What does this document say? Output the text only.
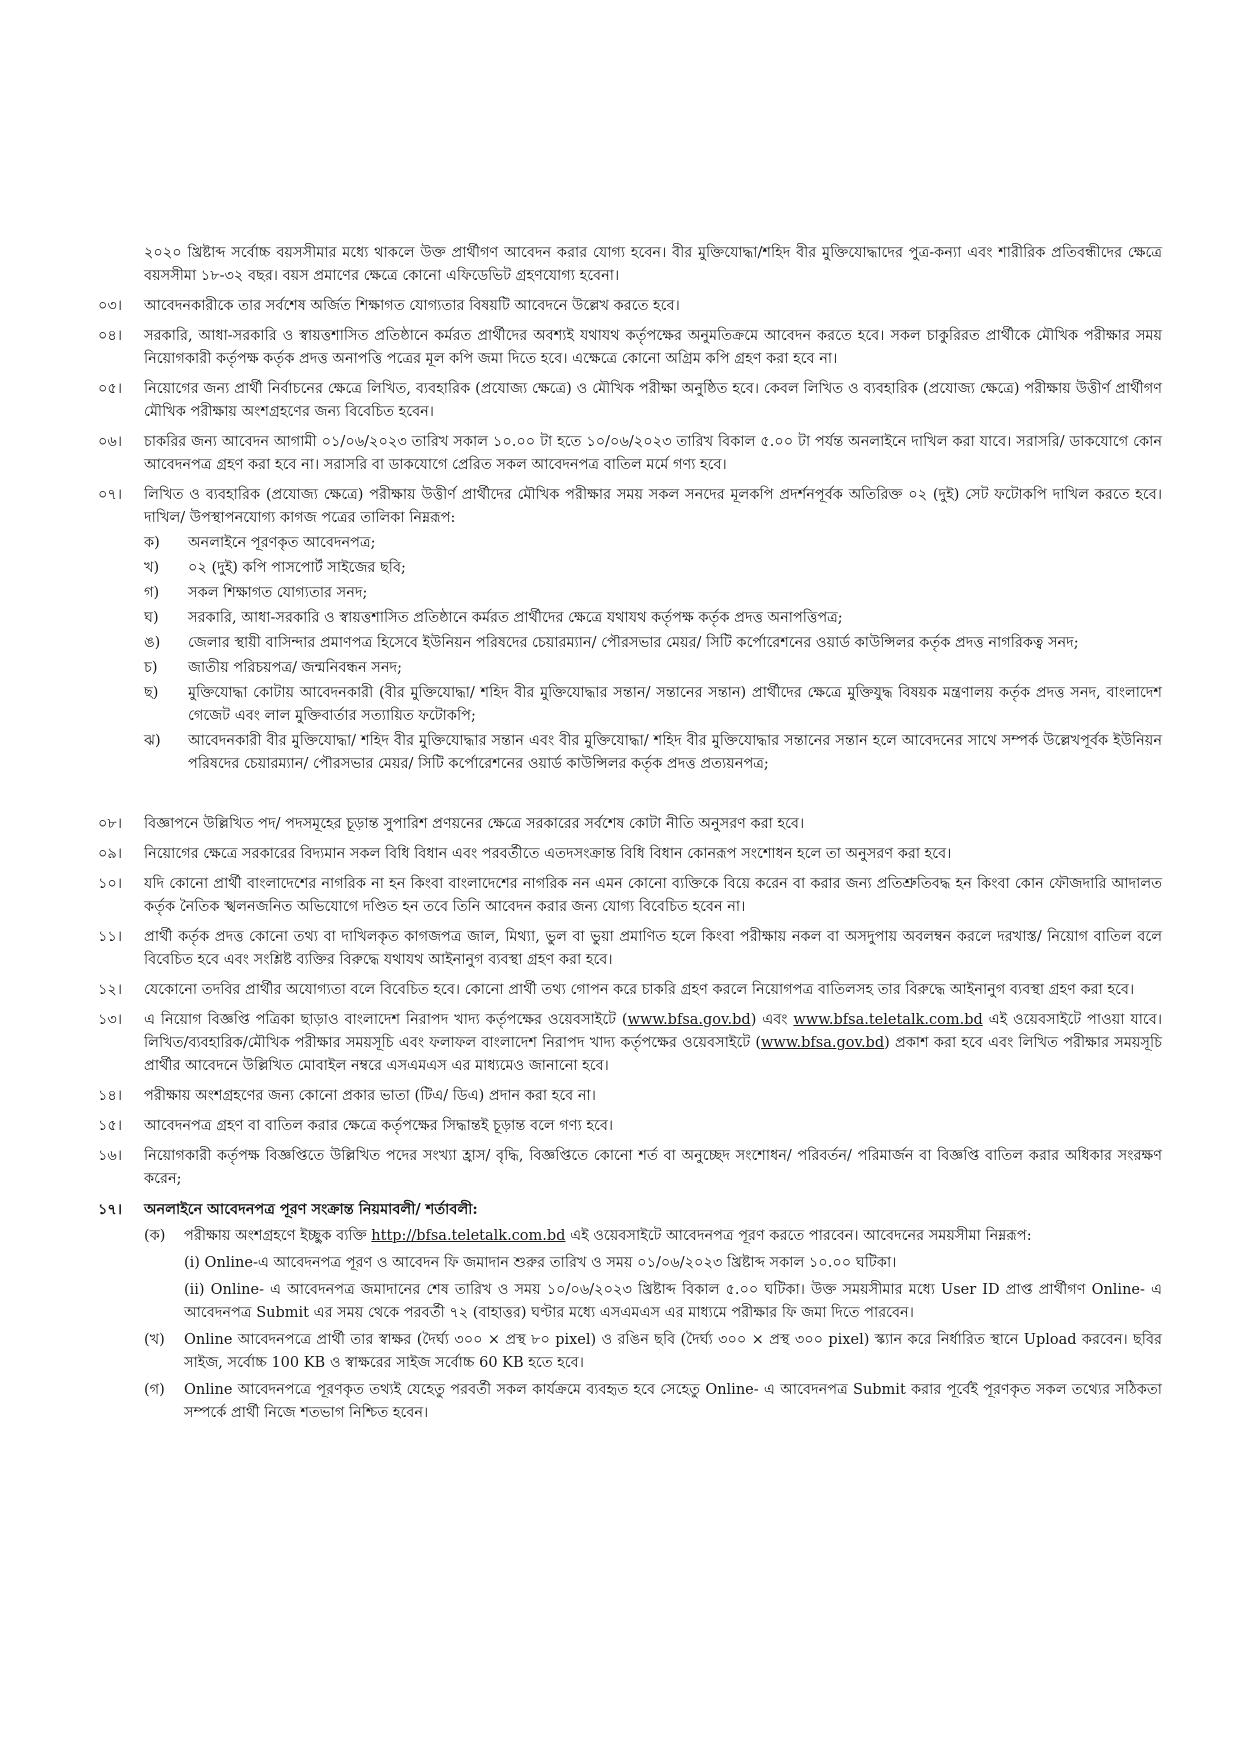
২০২০ খ্রিষ্টাব্দ সর্বোচ্চ বয়সসীমার মধ্যে থাকলে উক্ত প্রার্থীগণ আবেদন করার যোগ্য হবেন। বীর মুক্তিযোদ্ধা/শহিদ বীর মুক্তিযোদ্ধাদের পুত্র-কন্যা এবং শারীরিক প্রতিবন্ধীদের ক্ষেত্রে বয়সসীমা ১৮-৩২ বছর। বয়স প্রমাণের ক্ষেত্রে কোনো এফিডেভিট গ্রহণযোগ্য হবেনা।
০৩।	আবেদনকারীকে তার সর্বশেষ অর্জিত শিক্ষাগত যোগ্যতার বিষয়টি আবেদনে উল্লেখ করতে হবে।
০৪।	সরকারি, আধা-সরকারি ও স্বায়ত্তশাসিত প্রতিষ্ঠানে কর্মরত প্রার্থীদের অবশ্যই যথাযথ কর্তৃপক্ষের অনুমতিক্রমে আবেদন করতে হবে। সকল চাকুরিরত প্রার্থীকে মৌখিক পরীক্ষার সময় নিয়োগকারী কর্তৃপক্ষ কর্তৃক প্রদত্ত অনাপত্তি পত্রের মূল কপি জমা দিতে হবে। এক্ষেত্রে কোনো অগ্রিম কপি গ্রহণ করা হবে না।
০৫।	নিয়োগের জন্য প্রার্থী নির্বাচনের ক্ষেত্রে লিখিত, ব্যবহারিক (প্রযোজ্য ক্ষেত্রে) ও মৌখিক পরীক্ষা অনুষ্ঠিত হবে। কেবল লিখিত ও ব্যবহারিক (প্রযোজ্য ক্ষেত্রে) পরীক্ষায় উত্তীর্ণ প্রার্থীগণ মৌখিক পরীক্ষায় অংশগ্রহণের জন্য বিবেচিত হবেন।
০৬।	চাকরির জন্য আবেদন আগামী ০১/০৬/২০২৩ তারিখ সকাল ১০.০০ টা হতে ১০/০৬/২০২৩ তারিখ বিকাল ৫.০০ টা পর্যন্ত অনলাইনে দাখিল করা যাবে। সরাসরি/ ডাকযোগে কোন আবেদনপত্র গ্রহণ করা হবে না। সরাসরি বা ডাকযোগে প্রেরিত সকল আবেদনপত্র বাতিল মর্মে গণ্য হবে।
০৭।	লিখিত ও ব্যবহারিক (প্রযোজ্য ক্ষেত্রে) পরীক্ষায় উত্তীর্ণ প্রার্থীদের মৌখিক পরীক্ষার সময় সকল সনদের মূলকপি প্রদর্শনপূর্বক অতিরিক্ত ০২ (দুই) সেট ফটোকপি দাখিল করতে হবে। দাখিল/ উপস্থাপনযোগ্য কাগজ পত্রের তালিকা নিম্নরূপ:
ক)	অনলাইনে পূরণকৃত আবেদনপত্র;
খ)	০২ (দুই) কপি পাসপোর্ট সাইজের ছবি;
গ)	সকল শিক্ষাগত যোগ্যতার সনদ;
ঘ)	সরকারি, আধা-সরকারি ও স্বায়ত্তশাসিত প্রতিষ্ঠানে কর্মরত প্রার্থীদের ক্ষেত্রে যথাযথ কর্তৃপক্ষ কর্তৃক প্রদত্ত অনাপত্তিপত্র;
ঙ)	জেলার স্থায়ী বাসিন্দার প্রমাণপত্র হিসেবে ইউনিয়ন পরিষদের চেয়ারম্যান/ পৌরসভার মেয়র/ সিটি কর্পোরেশনের ওয়ার্ড কাউন্সিলর কর্তৃক প্রদত্ত নাগরিকত্ব সনদ;
চ)	জাতীয় পরিচয়পত্র/ জন্মনিবন্ধন সনদ;
ছ)	মুক্তিযোদ্ধা কোটায় আবেদনকারী (বীর মুক্তিযোদ্ধা/ শহিদ বীর মুক্তিযোদ্ধার সন্তান/ সন্তানের সন্তান) প্রার্থীদের ক্ষেত্রে মুক্তিযুদ্ধ বিষয়ক মন্ত্রণালয় কর্তৃক প্রদত্ত সনদ, বাংলাদেশ গেজেট এবং লাল মুক্তিবার্তার সত্যায়িত ফটোকপি;
ঝ)	আবেদনকারী বীর মুক্তিযোদ্ধা/ শহিদ বীর মুক্তিযোদ্ধার সন্তান এবং বীর মুক্তিযোদ্ধা/ শহিদ বীর মুক্তিযোদ্ধার সন্তানের সন্তান হলে আবেদনের সাথে সম্পর্ক উল্লেখপূর্বক ইউনিয়ন পরিষদের চেয়ারম্যান/ পৌরসভার মেয়র/ সিটি কর্পোরেশনের ওয়ার্ড কাউন্সিলর কর্তৃক প্রদত্ত প্রত্যয়নপত্র;
০৮।	বিজ্ঞাপনে উল্লিখিত পদ/ পদসমূহের চূড়ান্ত সুপারিশ প্রণয়নের ক্ষেত্রে সরকারের সর্বশেষ কোটা নীতি অনুসরণ করা হবে।
০৯।	নিয়োগের ক্ষেত্রে সরকারের বিদ্যমান সকল বিধি বিধান এবং পরবর্তীতে এতদসংক্রান্ত বিধি বিধান কোনরূপ সংশোধন হলে তা অনুসরণ করা হবে।
১০।	যদি কোনো প্রার্থী বাংলাদেশের নাগরিক না হন কিংবা বাংলাদেশের নাগরিক নন এমন কোনো ব্যক্তিকে বিয়ে করেন বা করার জন্য প্রতিশ্রুতিবদ্ধ হন কিংবা কোন ফৌজদারি আদালত কর্তৃক নৈতিক স্খলনজনিত অভিযোগে দণ্ডিত হন তবে তিনি আবেদন করার জন্য যোগ্য বিবেচিত হবেন না।
১১।	প্রার্থী কর্তৃক প্রদত্ত কোনো তথ্য বা দাখিলকৃত কাগজপত্র জাল, মিথ্যা, ভুল বা ভুয়া প্রমাণিত হলে কিংবা পরীক্ষায় নকল বা অসদুপায় অবলম্বন করলে দরখাস্ত/ নিয়োগ বাতিল বলে বিবেচিত হবে এবং সংশ্লিষ্ট ব্যক্তির বিরুদ্ধে যথাযথ আইনানুগ ব্যবস্থা গ্রহণ করা হবে।
১২।	যেকোনো তদবির প্রার্থীর অযোগ্যতা বলে বিবেচিত হবে। কোনো প্রার্থী তথ্য গোপন করে চাকরি গ্রহণ করলে নিয়োগপত্র বাতিলসহ তার বিরুদ্ধে আইনানুগ ব্যবস্থা গ্রহণ করা হবে।
১৩।	এ নিয়োগ বিজ্ঞপ্তি পত্রিকা ছাড়াও বাংলাদেশ নিরাপদ খাদ্য কর্তৃপক্ষের ওয়েবসাইটে (www.bfsa.gov.bd) এবং www.bfsa.teletalk.com.bd এই ওয়েবসাইটে পাওয়া যাবে। লিখিত/ব্যবহারিক/মৌখিক পরীক্ষার সময়সূচি এবং ফলাফল বাংলাদেশ নিরাপদ খাদ্য কর্তৃপক্ষের ওয়েবসাইটে (www.bfsa.gov.bd) প্রকাশ করা হবে এবং লিখিত পরীক্ষার সময়সূচি প্রার্থীর আবেদনে উল্লিখিত মোবাইল নম্বরে এসএমএস এর মাধ্যমেও জানানো হবে।
১৪।	পরীক্ষায় অংশগ্রহণের জন্য কোনো প্রকার ভাতা (টিএ/ ডিএ) প্রদান করা হবে না।
১৫।	আবেদনপত্র গ্রহণ বা বাতিল করার ক্ষেত্রে কর্তৃপক্ষের সিদ্ধান্তই চূড়ান্ত বলে গণ্য হবে।
১৬।	নিয়োগকারী কর্তৃপক্ষ বিজ্ঞপ্তিতে উল্লিখিত পদের সংখ্যা হ্রাস/ বৃদ্ধি, বিজ্ঞপ্তিতে কোনো শর্ত বা অনুচ্ছেদ সংশোধন/ পরিবর্তন/ পরিমার্জন বা বিজ্ঞপ্তি বাতিল করার অধিকার সংরক্ষণ করেন;
১৭।	অনলাইনে আবেদনপত্র পূরণ সংক্রান্ত নিয়মাবলী/ শর্তাবলী:
(ক)	পরীক্ষায় অংশগ্রহণে ইচ্ছুক ব্যক্তি http://bfsa.teletalk.com.bd এই ওয়েবসাইটে আবেদনপত্র পূরণ করতে পারবেন। আবেদনের সময়সীমা নিম্নরূপ:
(i) Online-এ আবেদনপত্র পূরণ ও আবেদন ফি জমাদান শুরুর তারিখ ও সময় ০১/০৬/২০২৩ খ্রিষ্টাব্দ সকাল ১০.০০ ঘটিকা।
(ii) Online- এ আবেদনপত্র জমাদানের শেষ তারিখ ও সময় ১০/০৬/২০২৩ খ্রিষ্টাব্দ বিকাল ৫.০০ ঘটিকা। উক্ত সময়সীমার মধ্যে User ID প্রাপ্ত প্রার্থীগণ Online- এ আবেদনপত্র Submit এর সময় থেকে পরবর্তী ৭২ (বাহাত্তর) ঘণ্টার মধ্যে এসএমএস এর মাধ্যমে পরীক্ষার ফি জমা দিতে পারবেন।
(খ)	Online আবেদনপত্রে প্রার্থী তার স্বাক্ষর (দৈর্ঘ্য ৩০০ × প্রস্থ ৮০ pixel) ও রঙিন ছবি (দৈর্ঘ্য ৩০০ × প্রস্থ ৩০০ pixel) স্ক্যান করে নির্ধারিত স্থানে Upload করবেন। ছবির সাইজ, সর্বোচ্চ 100 KB ও স্বাক্ষরের সাইজ সর্বোচ্চ 60 KB হতে হবে।
(গ)	Online আবেদনপত্রে পূরণকৃত তথ্যই যেহেতু পরবর্তী সকল কার্যক্রমে ব্যবহৃত হবে সেহেতু Online- এ আবেদনপত্র Submit করার পূর্বেই পূরণকৃত সকল তথ্যের সঠিকতা সম্পর্কে প্রার্থী নিজে শতভাগ নিশ্চিত হবেন।
